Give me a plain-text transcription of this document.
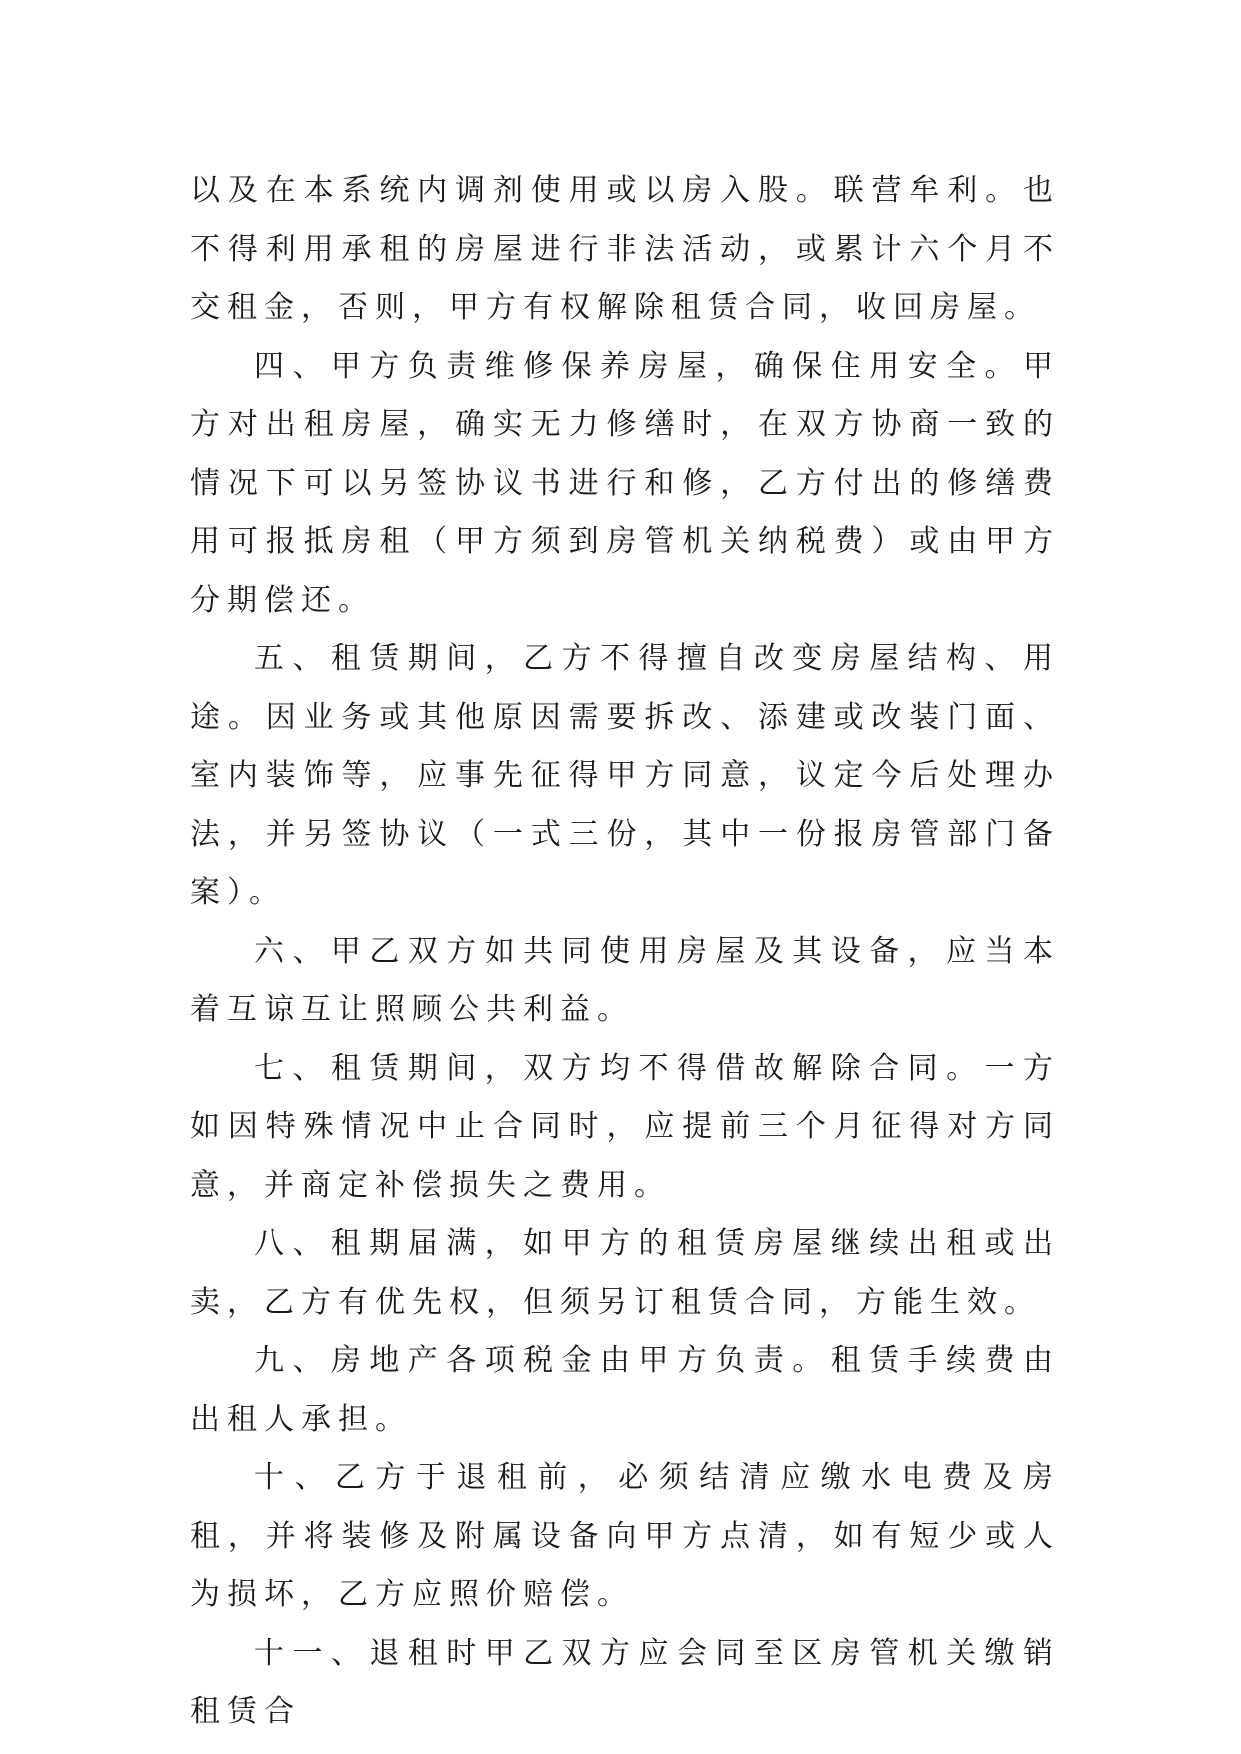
以及在本系统内调剂使用或以房入股。联营牟利。也不得利用承租的房屋进行非法活动，或累计六个月不交租金，否则，甲方有权解除租赁合同，收回房屋。

四、甲方负责维修保养房屋，确保住用安全。甲方对出租房屋，确实无力修缮时，在双方协商一致的情况下可以另签协议书进行和修，乙方付出的修缮费用可报抵房租（甲方须到房管机关纳税费）或由甲方分期偿还。

五、租赁期间，乙方不得擅自改变房屋结构、用途。因业务或其他原因需要拆改、添建或改装门面、室内装饰等，应事先征得甲方同意，议定今后处理办法，并另签协议（一式三份，其中一份报房管部门备案）。

六、甲乙双方如共同使用房屋及其设备，应当本着互谅互让照顾公共利益。

七、租赁期间，双方均不得借故解除合同。一方如因特殊情况中止合同时，应提前三个月征得对方同意，并商定补偿损失之费用。

八、租期届满，如甲方的租赁房屋继续出租或出卖，乙方有优先权，但须另订租赁合同，方能生效。

九、房地产各项税金由甲方负责。租赁手续费由出租人承担。

十、乙方于退租前，必须结清应缴水电费及房租，并将装修及附属设备向甲方点清，如有短少或人为损坏，乙方应照价赔偿。

十一、退租时甲乙双方应会同至区房管机关缴销租赁合
